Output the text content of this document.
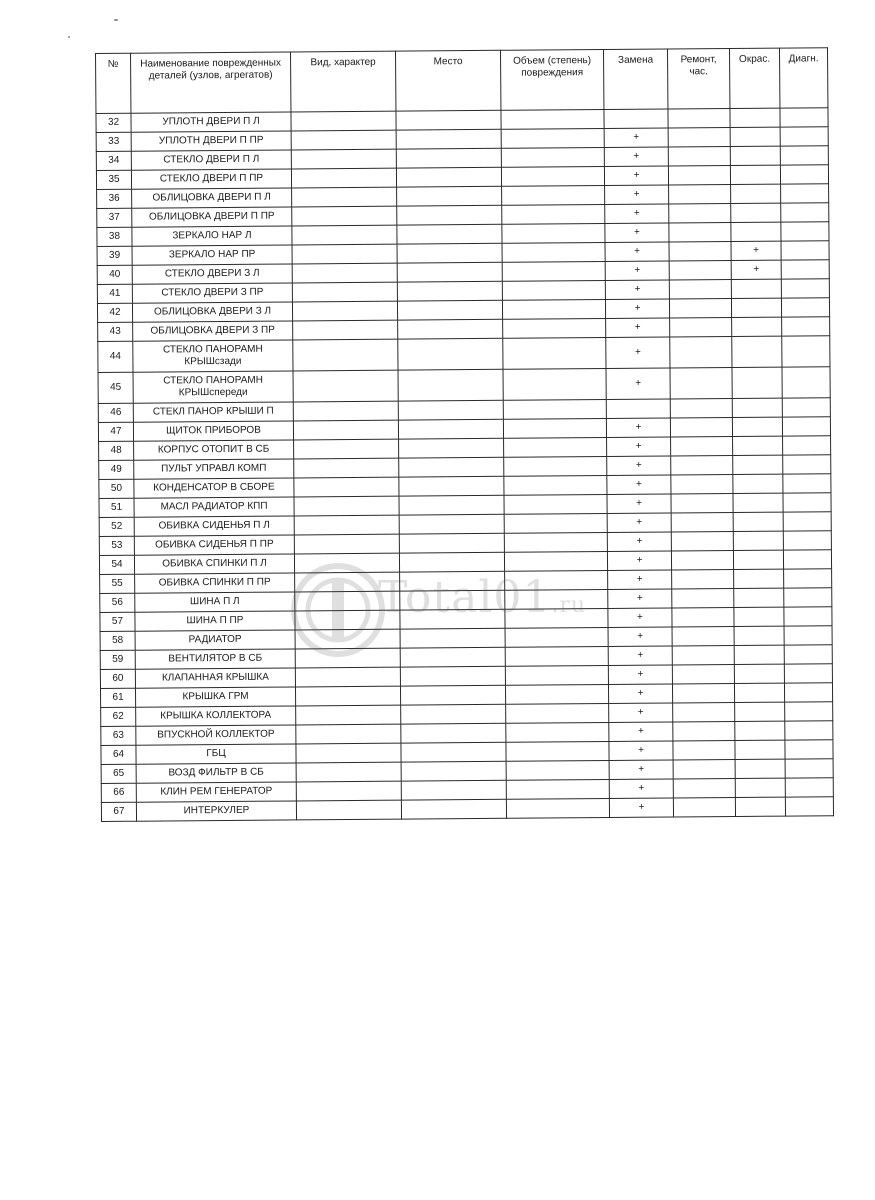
№	Наименование поврежденных деталей (узлов, агрегатов)	Вид, характер	Место	Объем (степень) повреждения	Замена	Ремонт, час.	Окрас.	Диагн.
32	УПЛОТН ДВЕРИ П Л							
33	УПЛОТН ДВЕРИ П ПР				+			
34	СТЕКЛО ДВЕРИ П Л				+			
35	СТЕКЛО ДВЕРИ П ПР				+			
36	ОБЛИЦОВКА ДВЕРИ П Л				+			
37	ОБЛИЦОВКА ДВЕРИ П ПР				+			
38	ЗЕРКАЛО НАР Л				+			
39	ЗЕРКАЛО НАР ПР				+		+	
40	СТЕКЛО ДВЕРИ З Л				+		+	
41	СТЕКЛО ДВЕРИ З ПР				+			
42	ОБЛИЦОВКА ДВЕРИ З Л				+			
43	ОБЛИЦОВКА ДВЕРИ З ПР				+			
44	СТЕКЛО ПАНОРАМН КРЫШсзади				+			
45	СТЕКЛО ПАНОРАМН КРЫШспереди				+			
46	СТЕКЛ ПАНОР КРЫШИ П							
47	ЩИТОК ПРИБОРОВ				+			
48	КОРПУС ОТОПИТ В СБ				+			
49	ПУЛЬТ УПРАВЛ КОМП				+			
50	КОНДЕНСАТОР В СБОРЕ				+			
51	МАСЛ РАДИАТОР КПП				+			
52	ОБИВКА СИДЕНЬЯ П Л				+			
53	ОБИВКА СИДЕНЬЯ П ПР				+			
54	ОБИВКА СПИНКИ П Л				+			
55	ОБИВКА СПИНКИ П ПР				+			
56	ШИНА П Л				+			
57	ШИНА П ПР				+			
58	РАДИАТОР				+			
59	ВЕНТИЛЯТОР В СБ				+			
60	КЛАПАННАЯ КРЫШКА				+			
61	КРЫШКА ГРМ				+			
62	КРЫШКА КОЛЛЕКТОРА				+			
63	ВПУСКНОЙ КОЛЛЕКТОР				+			
64	ГБЦ				+			
65	ВОЗД ФИЛЬТР В СБ				+			
66	КЛИН РЕМ ГЕНЕРАТОР				+			
67	ИНТЕРКУЛЕР				+			
Total01.ru
